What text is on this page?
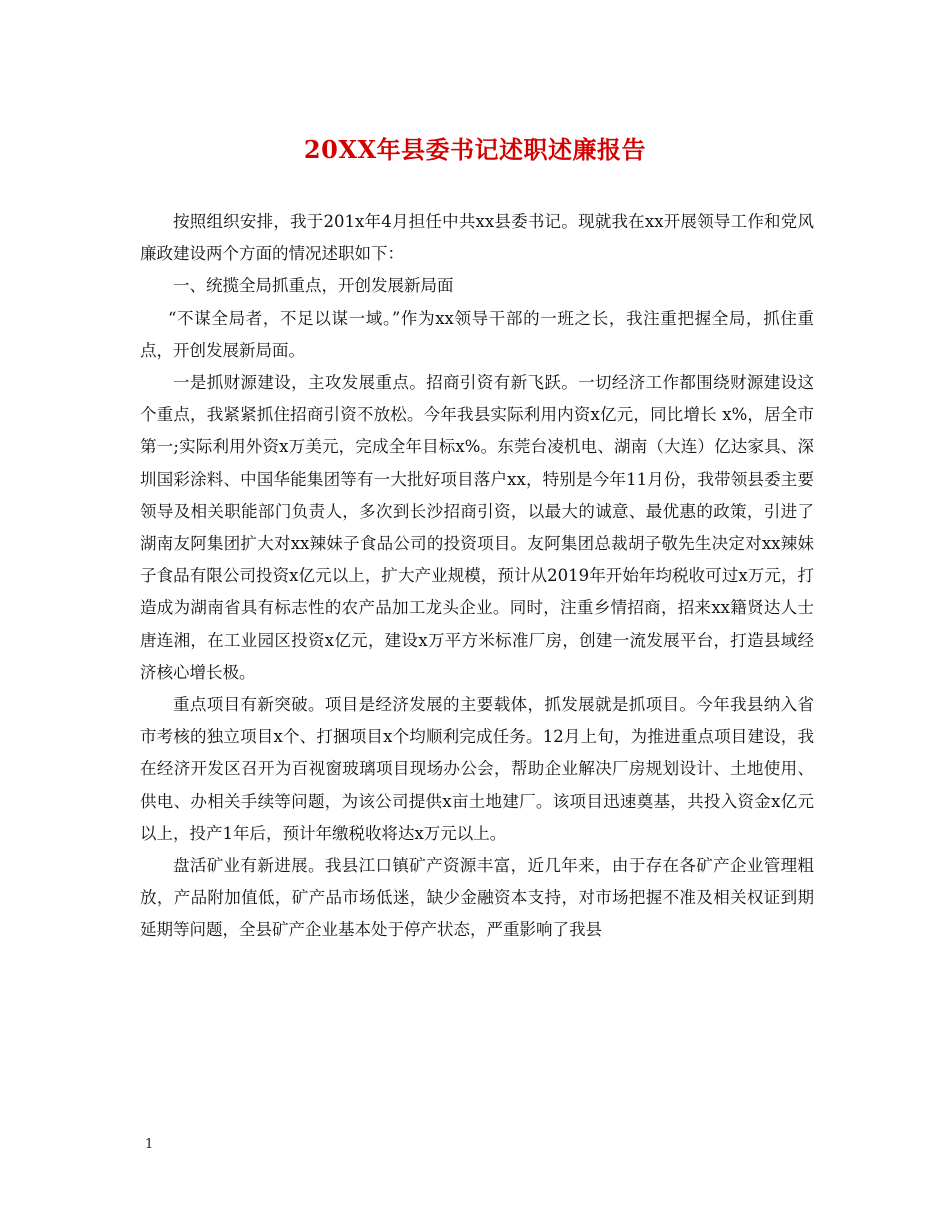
20XX年县委书记述职述廉报告

按照组织安排，我于201x年4月担任中共xx县委书记。现就我在xx开展领导工作和党风廉政建设两个方面的情况述职如下：

一、统揽全局抓重点，开创发展新局面

“不谋全局者，不足以谋一域。”作为xx领导干部的一班之长，我注重把握全局，抓住重点，开创发展新局面。

一是抓财源建设，主攻发展重点。招商引资有新飞跃。一切经济工作都围绕财源建设这个重点，我紧紧抓住招商引资不放松。今年我县实际利用内资x亿元，同比增长 x%，居全市第一;实际利用外资x万美元，完成全年目标x%。东莞台凌机电、湖南（大连）亿达家具、深圳国彩涂料、中国华能集团等有一大批好项目落户xx，特别是今年11月份，我带领县委主要领导及相关职能部门负责人，多次到长沙招商引资，以最大的诚意、最优惠的政策，引进了湖南友阿集团扩大对xx辣妹子食品公司的投资项目。友阿集团总裁胡子敬先生决定对xx辣妹子食品有限公司投资x亿元以上，扩大产业规模，预计从2019年开始年均税收可过x万元，打造成为湖南省具有标志性的农产品加工龙头企业。同时，注重乡情招商，招来xx籍贤达人士唐连湘，在工业园区投资x亿元，建设x万平方米标准厂房，创建一流发展平台，打造县域经济核心增长极。

重点项目有新突破。项目是经济发展的主要载体，抓发展就是抓项目。今年我县纳入省市考核的独立项目x个、打捆项目x个均顺利完成任务。12月上旬，为推进重点项目建设，我在经济开发区召开为百视窗玻璃项目现场办公会，帮助企业解决厂房规划设计、土地使用、供电、办相关手续等问题，为该公司提供x亩土地建厂。该项目迅速奠基，共投入资金x亿元以上，投产1年后，预计年缴税收将达x万元以上。

盘活矿业有新进展。我县江口镇矿产资源丰富，近几年来，由于存在各矿产企业管理粗放，产品附加值低，矿产品市场低迷，缺少金融资本支持，对市场把握不准及相关权证到期延期等问题，全县矿产企业基本处于停产状态，严重影响了我县

1
